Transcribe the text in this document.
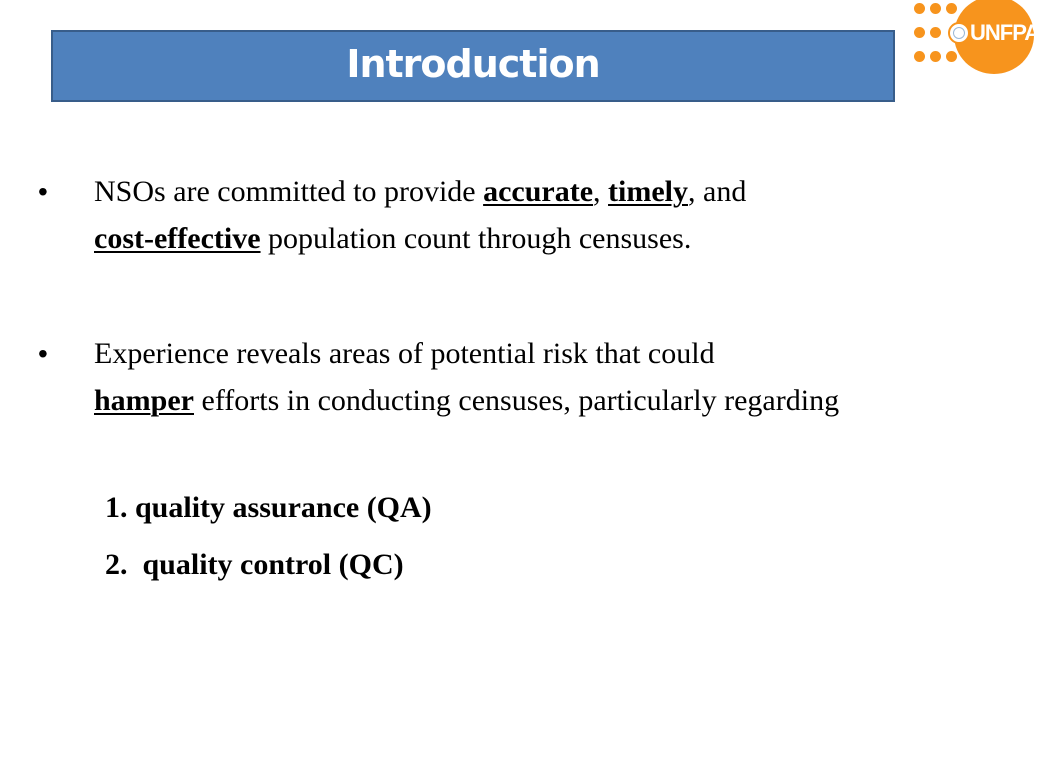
Introduction
UNFPA
• NSOs are committed to provide accurate, timely, and
cost-effective population count through censuses.
• Experience reveals areas of potential risk that could
hamper efforts in conducting censuses, particularly regarding
1. quality assurance (QA)
2.  quality control (QC)
